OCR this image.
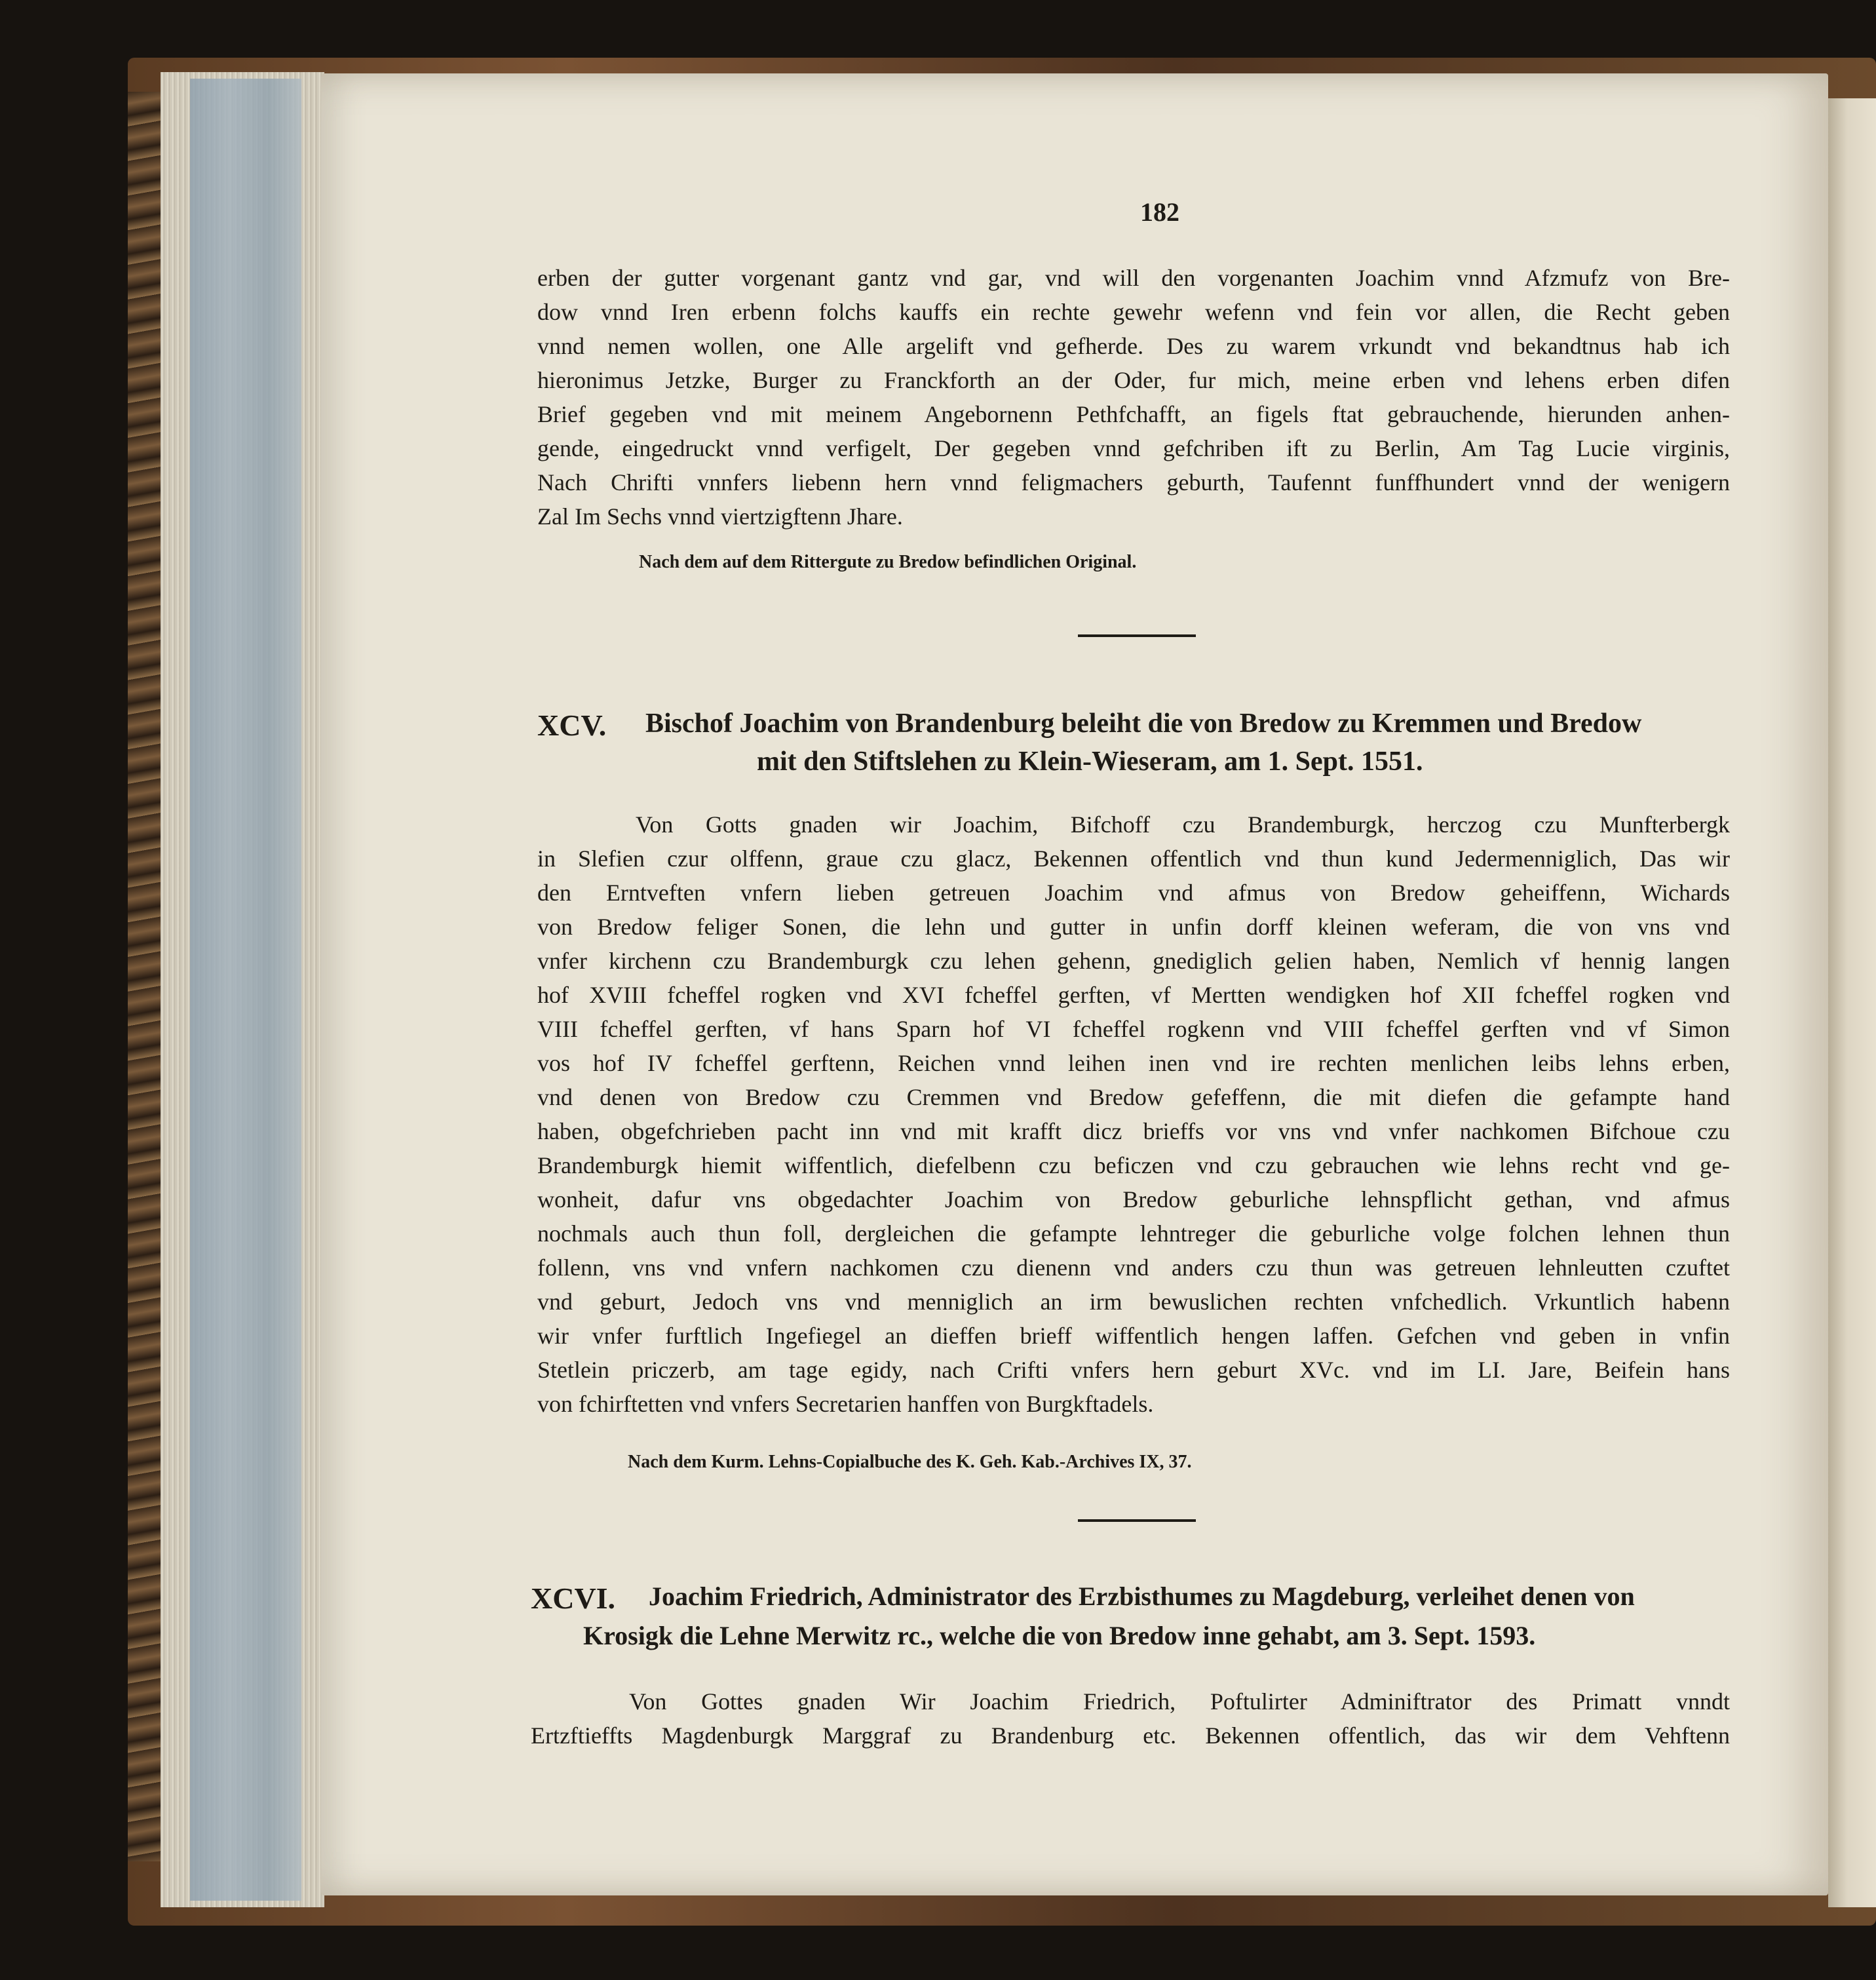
182
erben der gutter vorgenant gantz vnd gar, vnd will den vorgenanten Joachim vnnd Afzmufz von Bre-
dow vnnd Iren erbenn folchs kauffs ein rechte gewehr wefenn vnd fein vor allen, die Recht geben
vnnd nemen wollen, one Alle argelift vnd gefherde. Des zu warem vrkundt vnd bekandtnus hab ich
hieronimus Jetzke, Burger zu Franckforth an der Oder, fur mich, meine erben vnd lehens erben difen
Brief gegeben vnd mit meinem Angebornenn Pethfchafft, an figels ftat gebrauchende, hierunden anhen-
gende, eingedruckt vnnd verfigelt, Der gegeben vnnd gefchriben ift zu Berlin, Am Tag Lucie virginis,
Nach Chrifti vnnfers liebenn hern vnnd feligmachers geburth, Taufennt funffhundert vnnd der wenigern
Zal Im Sechs vnnd viertzigftenn Jhare.
Nach dem auf dem Rittergute zu Bredow befindlichen Original.
XCV. Bischof Joachim von Brandenburg beleiht die von Bredow zu Kremmen und Bredow
mit den Stiftslehen zu Klein-Wieseram, am 1. Sept. 1551.
Von Gotts gnaden wir Joachim, Bifchoff czu Brandemburgk, herczog czu Munfterbergk
in Slefien czur olffenn, graue czu glacz, Bekennen offentlich vnd thun kund Jedermenniglich, Das wir
den Erntveften vnfern lieben getreuen Joachim vnd afmus von Bredow geheiffenn, Wichards
von Bredow feliger Sonen, die lehn und gutter in unfin dorff kleinen weferam, die von vns vnd
vnfer kirchenn czu Brandemburgk czu lehen gehenn, gnediglich gelien haben, Nemlich vf hennig langen
hof XVIII fcheffel rogken vnd XVI fcheffel gerften, vf Mertten wendigken hof XII fcheffel rogken vnd
VIII fcheffel gerften, vf hans Sparn hof VI fcheffel rogkenn vnd VIII fcheffel gerften vnd vf Simon
vos hof IV fcheffel gerftenn, Reichen vnnd leihen inen vnd ire rechten menlichen leibs lehns erben,
vnd denen von Bredow czu Cremmen vnd Bredow gefeffenn, die mit diefen die gefampte hand
haben, obgefchrieben pacht inn vnd mit krafft dicz brieffs vor vns vnd vnfer nachkomen Bifchoue czu
Brandemburgk hiemit wiffentlich, diefelbenn czu beficzen vnd czu gebrauchen wie lehns recht vnd ge-
wonheit, dafur vns obgedachter Joachim von Bredow geburliche lehnspflicht gethan, vnd afmus
nochmals auch thun foll, dergleichen die gefampte lehntreger die geburliche volge folchen lehnen thun
follenn, vns vnd vnfern nachkomen czu dienenn vnd anders czu thun was getreuen lehnleutten czuftet
vnd geburt, Jedoch vns vnd menniglich an irm bewuslichen rechten vnfchedlich. Vrkuntlich habenn
wir vnfer furftlich Ingefiegel an dieffen brieff wiffentlich hengen laffen. Gefchen vnd geben in vnfin
Stetlein priczerb, am tage egidy, nach Crifti vnfers hern geburt XVc. vnd im LI. Jare, Beifein hans
von fchirftetten vnd vnfers Secretarien hanffen von Burgkftadels.
Nach dem Kurm. Lehns-Copialbuche des K. Geh. Kab.-Archives IX, 37.
XCVI. Joachim Friedrich, Administrator des Erzbisthumes zu Magdeburg, verleihet denen von
Krosigk die Lehne Merwitz rc., welche die von Bredow inne gehabt, am 3. Sept. 1593.
Von Gottes gnaden Wir Joachim Friedrich, Poftulirter Adminiftrator des Primatt vnndt
Ertzftieffts Magdenburgk Marggraf zu Brandenburg etc. Bekennen offentlich, das wir dem Vehftenn
